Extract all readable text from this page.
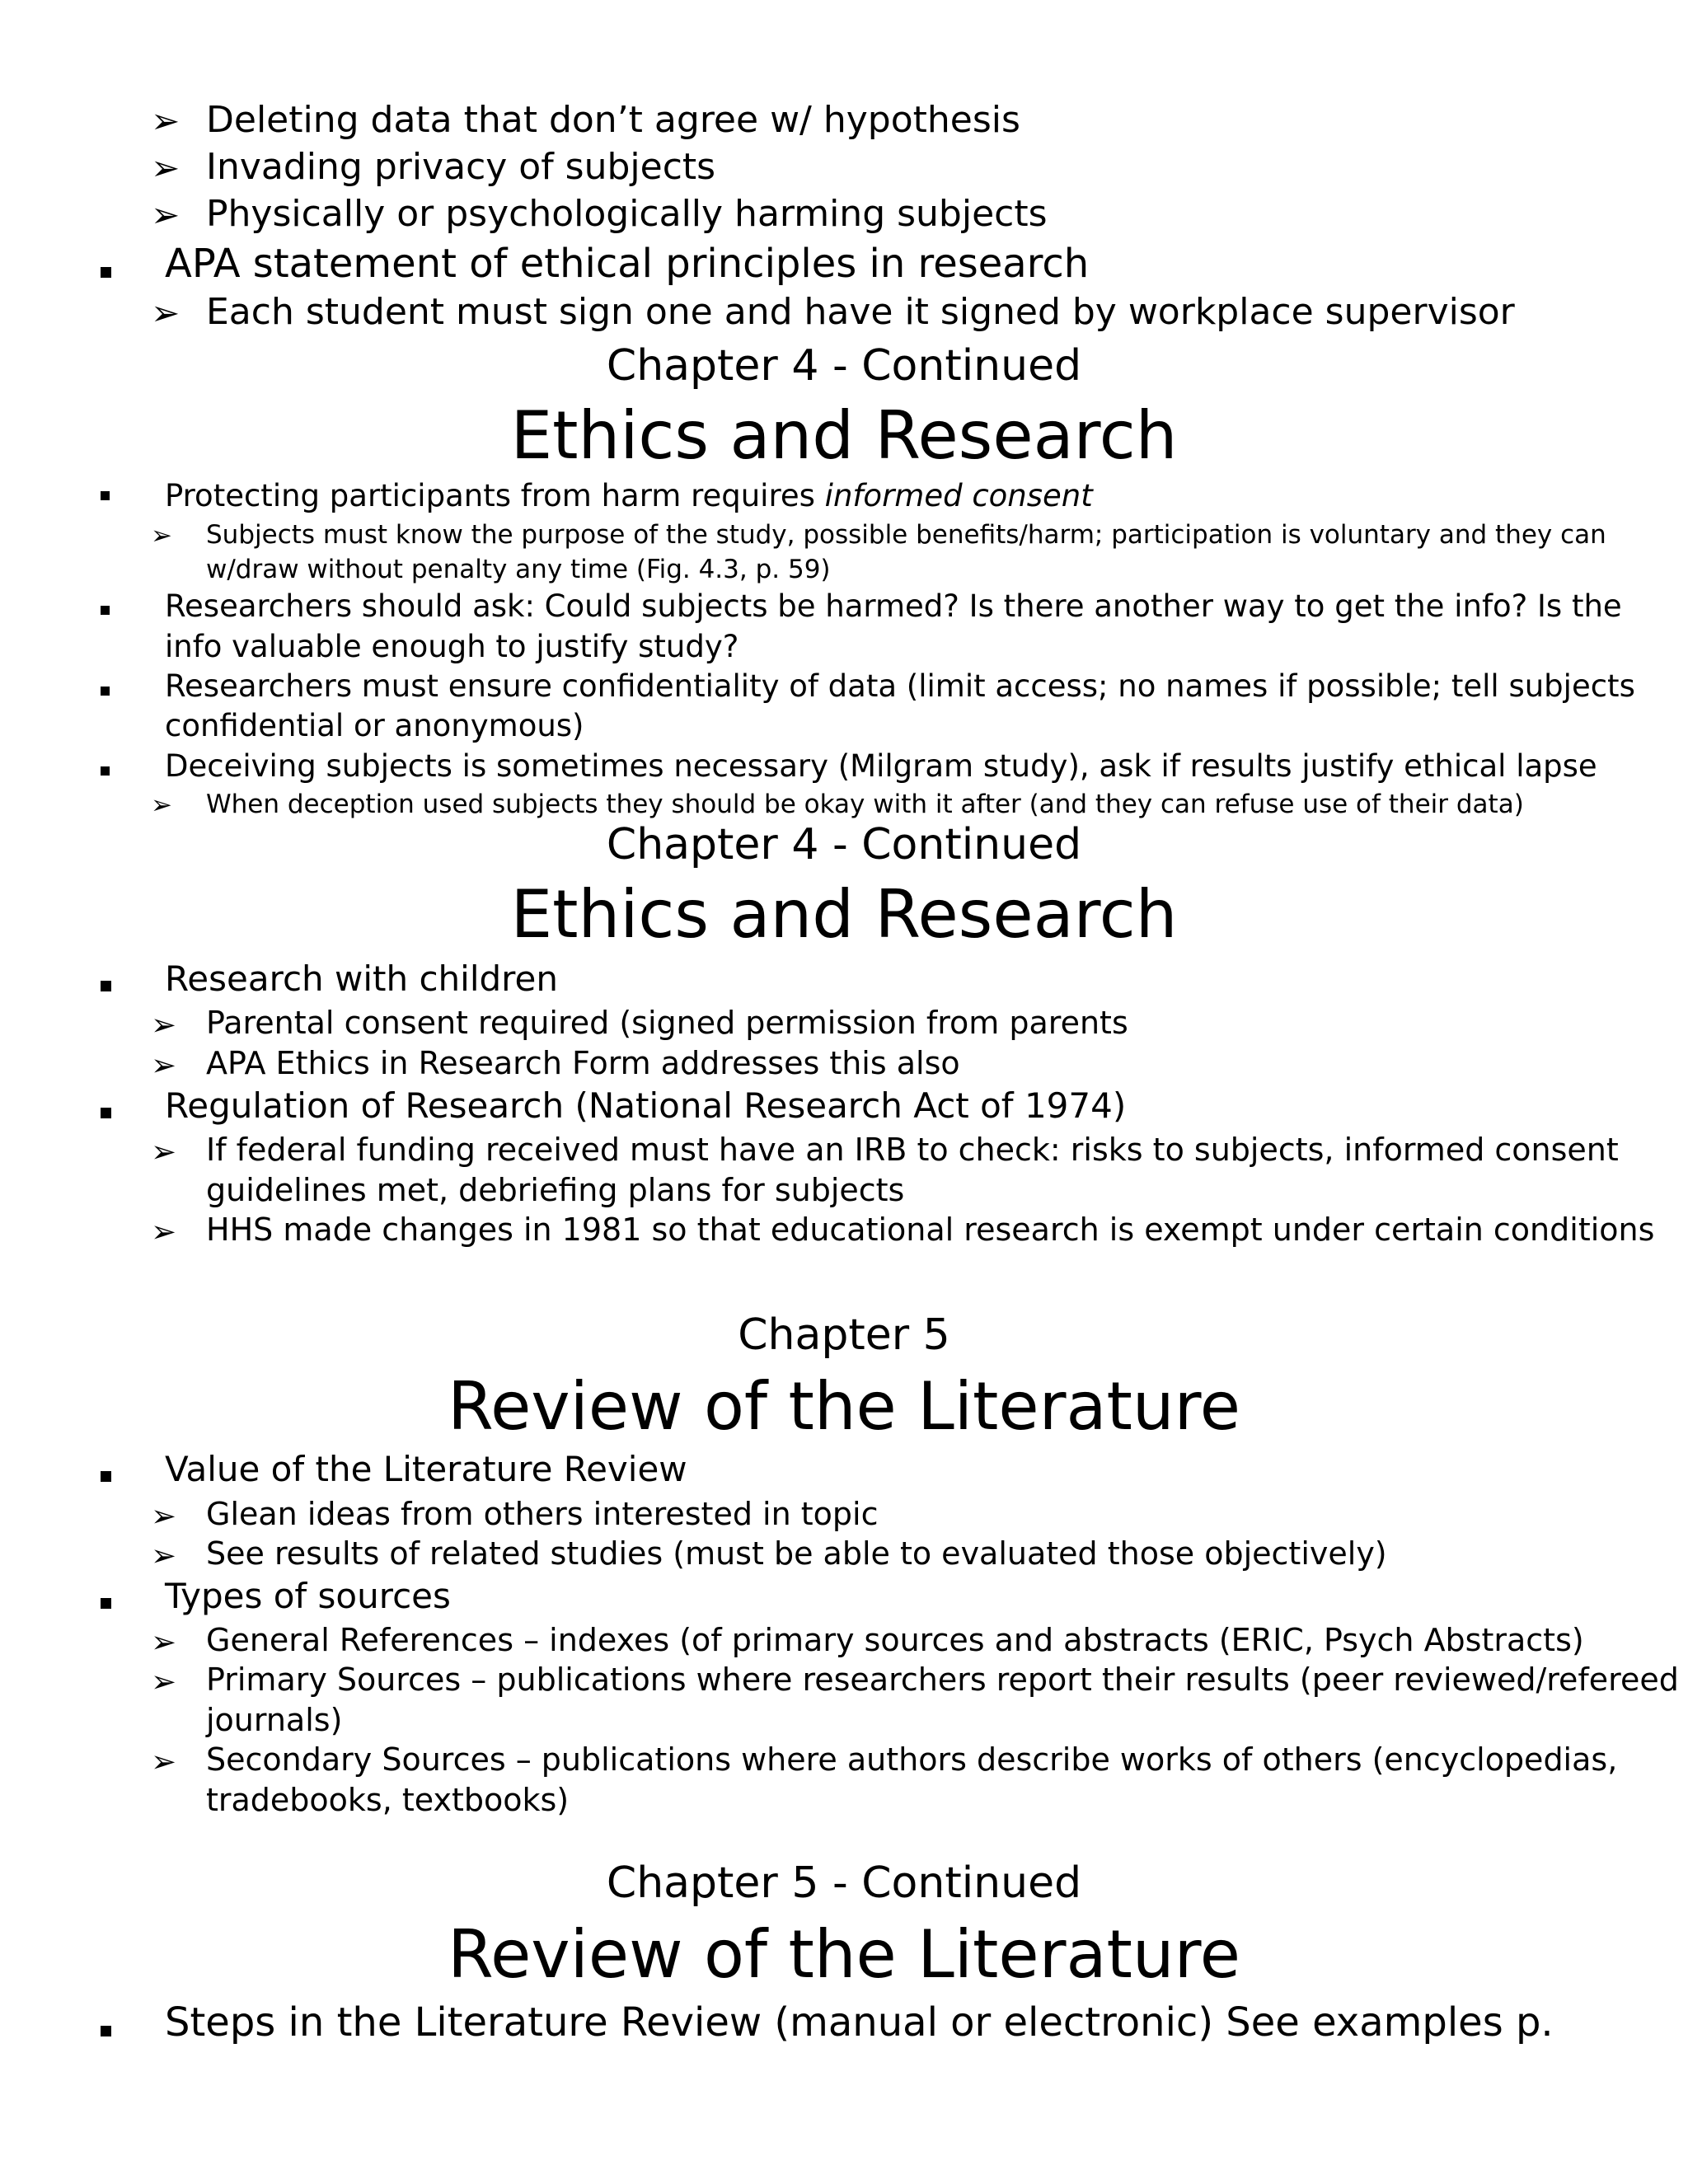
➢ Deleting data that don’t agree w/ hypothesis
➢ Invading privacy of subjects
➢ Physically or psychologically harming subjects
APA statement of ethical principles in research
➢ Each student must sign one and have it signed by workplace supervisor
Chapter 4 - Continued
Ethics and Research
Protecting participants from harm requires informed consent
➢ Subjects must know the purpose of the study, possible benefits/harm; participation is voluntary and they can
w/draw without penalty any time (Fig. 4.3, p. 59)
Researchers should ask: Could subjects be harmed? Is there another way to get the info? Is the
info valuable enough to justify study?
Researchers must ensure confidentiality of data (limit access; no names if possible; tell subjects
confidential or anonymous)
Deceiving subjects is sometimes necessary (Milgram study), ask if results justify ethical lapse
➢ When deception used subjects they should be okay with it after (and they can refuse use of their data)
Chapter 4 - Continued
Ethics and Research
Research with children
➢ Parental consent required (signed permission from parents
➢ APA Ethics in Research Form addresses this also
Regulation of Research (National Research Act of 1974)
➢ If federal funding received must have an IRB to check: risks to subjects, informed consent
guidelines met, debriefing plans for subjects
➢ HHS made changes in 1981 so that educational research is exempt under certain conditions
Chapter 5
Review of the Literature
Value of the Literature Review
➢ Glean ideas from others interested in topic
➢ See results of related studies (must be able to evaluated those objectively)
Types of sources
➢ General References – indexes (of primary sources and abstracts (ERIC, Psych Abstracts)
➢ Primary Sources – publications where researchers report their results (peer reviewed/refereed
journals)
➢ Secondary Sources – publications where authors describe works of others (encyclopedias,
tradebooks, textbooks)
Chapter 5 - Continued
Review of the Literature
Steps in the Literature Review (manual or electronic) See examples p.
